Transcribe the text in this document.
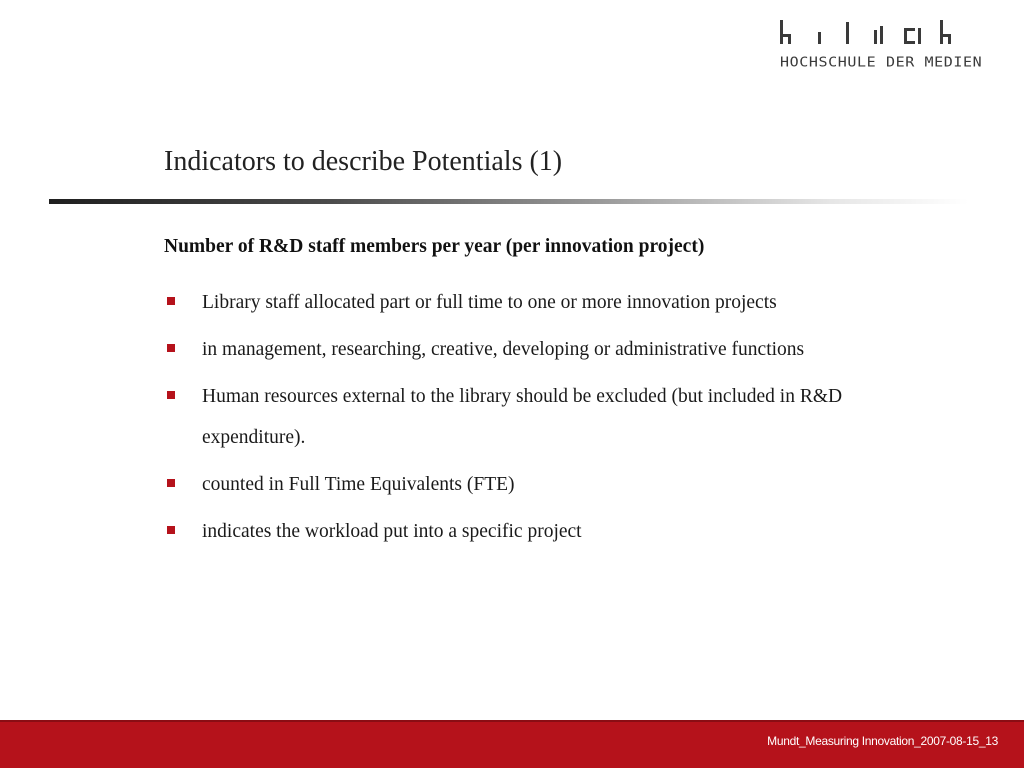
HOCHSCHULE DER MEDIEN
Indicators to describe Potentials (1)

Number of R&D staff members per year (per innovation project)

Library staff allocated part or full time to one or more innovation projects
in management, researching, creative, developing or administrative functions
Human resources external to the library should be excluded (but included in R&D expenditure).
counted in Full Time Equivalents (FTE)
indicates the workload put into a specific project
Mundt_Measuring Innovation_2007-08-15_13
